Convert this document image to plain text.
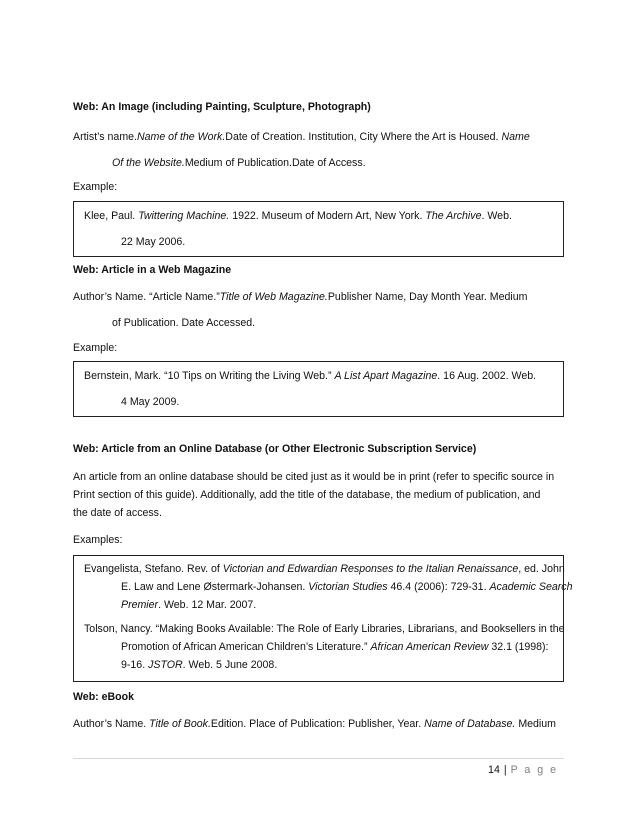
Web: An Image (including Painting, Sculpture, Photograph)
Artist’s name.Name of the Work.Date of Creation. Institution, City Where the Art is Housed. Name
Of the Website.Medium of Publication.Date of Access.
Example:
Klee, Paul. Twittering Machine. 1922. Museum of Modern Art, New York. The Archive. Web.
22 May 2006.
Web: Article in a Web Magazine
Author’s Name. “Article Name.”Title of Web Magazine.Publisher Name, Day Month Year. Medium
of Publication. Date Accessed.
Example:
Bernstein, Mark. “10 Tips on Writing the Living Web.” A List Apart Magazine. 16 Aug. 2002. Web.
4 May 2009.
Web: Article from an Online Database (or Other Electronic Subscription Service)
An article from an online database should be cited just as it would be in print (refer to specific source in
Print section of this guide). Additionally, add the title of the database, the medium of publication, and
the date of access.
Examples:
Evangelista, Stefano. Rev. of Victorian and Edwardian Responses to the Italian Renaissance, ed. John
E. Law and Lene Østermark-Johansen. Victorian Studies 46.4 (2006): 729-31. Academic Search
Premier. Web. 12 Mar. 2007.
Tolson, Nancy. “Making Books Available: The Role of Early Libraries, Librarians, and Booksellers in the
Promotion of African American Children’s Literature.” African American Review 32.1 (1998):
9-16. JSTOR. Web. 5 June 2008.
Web: eBook
Author’s Name. Title of Book.Edition. Place of Publication: Publisher, Year. Name of Database. Medium
14 | P a g e
